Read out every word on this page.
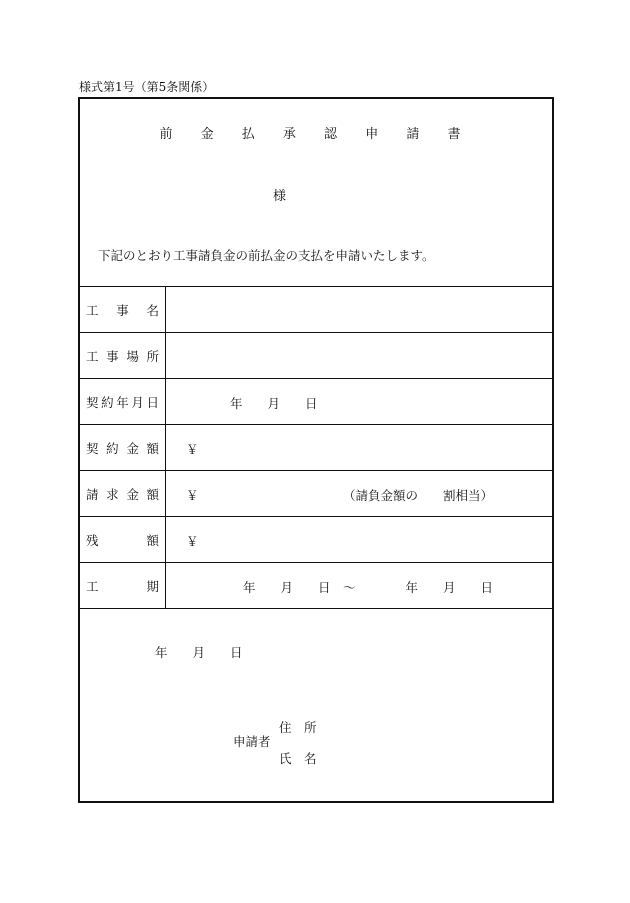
様式第1号（第5条関係）
前 金 払 承 認 申 請 書
様
下記のとおり工事請負金の前払金の支払を申請いたします。
工事名
工事場所
契約年月日	年　　月　　日
契約金額 ￥
請求金額 ￥	（請負金額の　　割相当）
残額 ￥
工期	年　　月　　日　～　　　　年　　月　　日
年　　月　　日
住　所
申請者
氏　名
